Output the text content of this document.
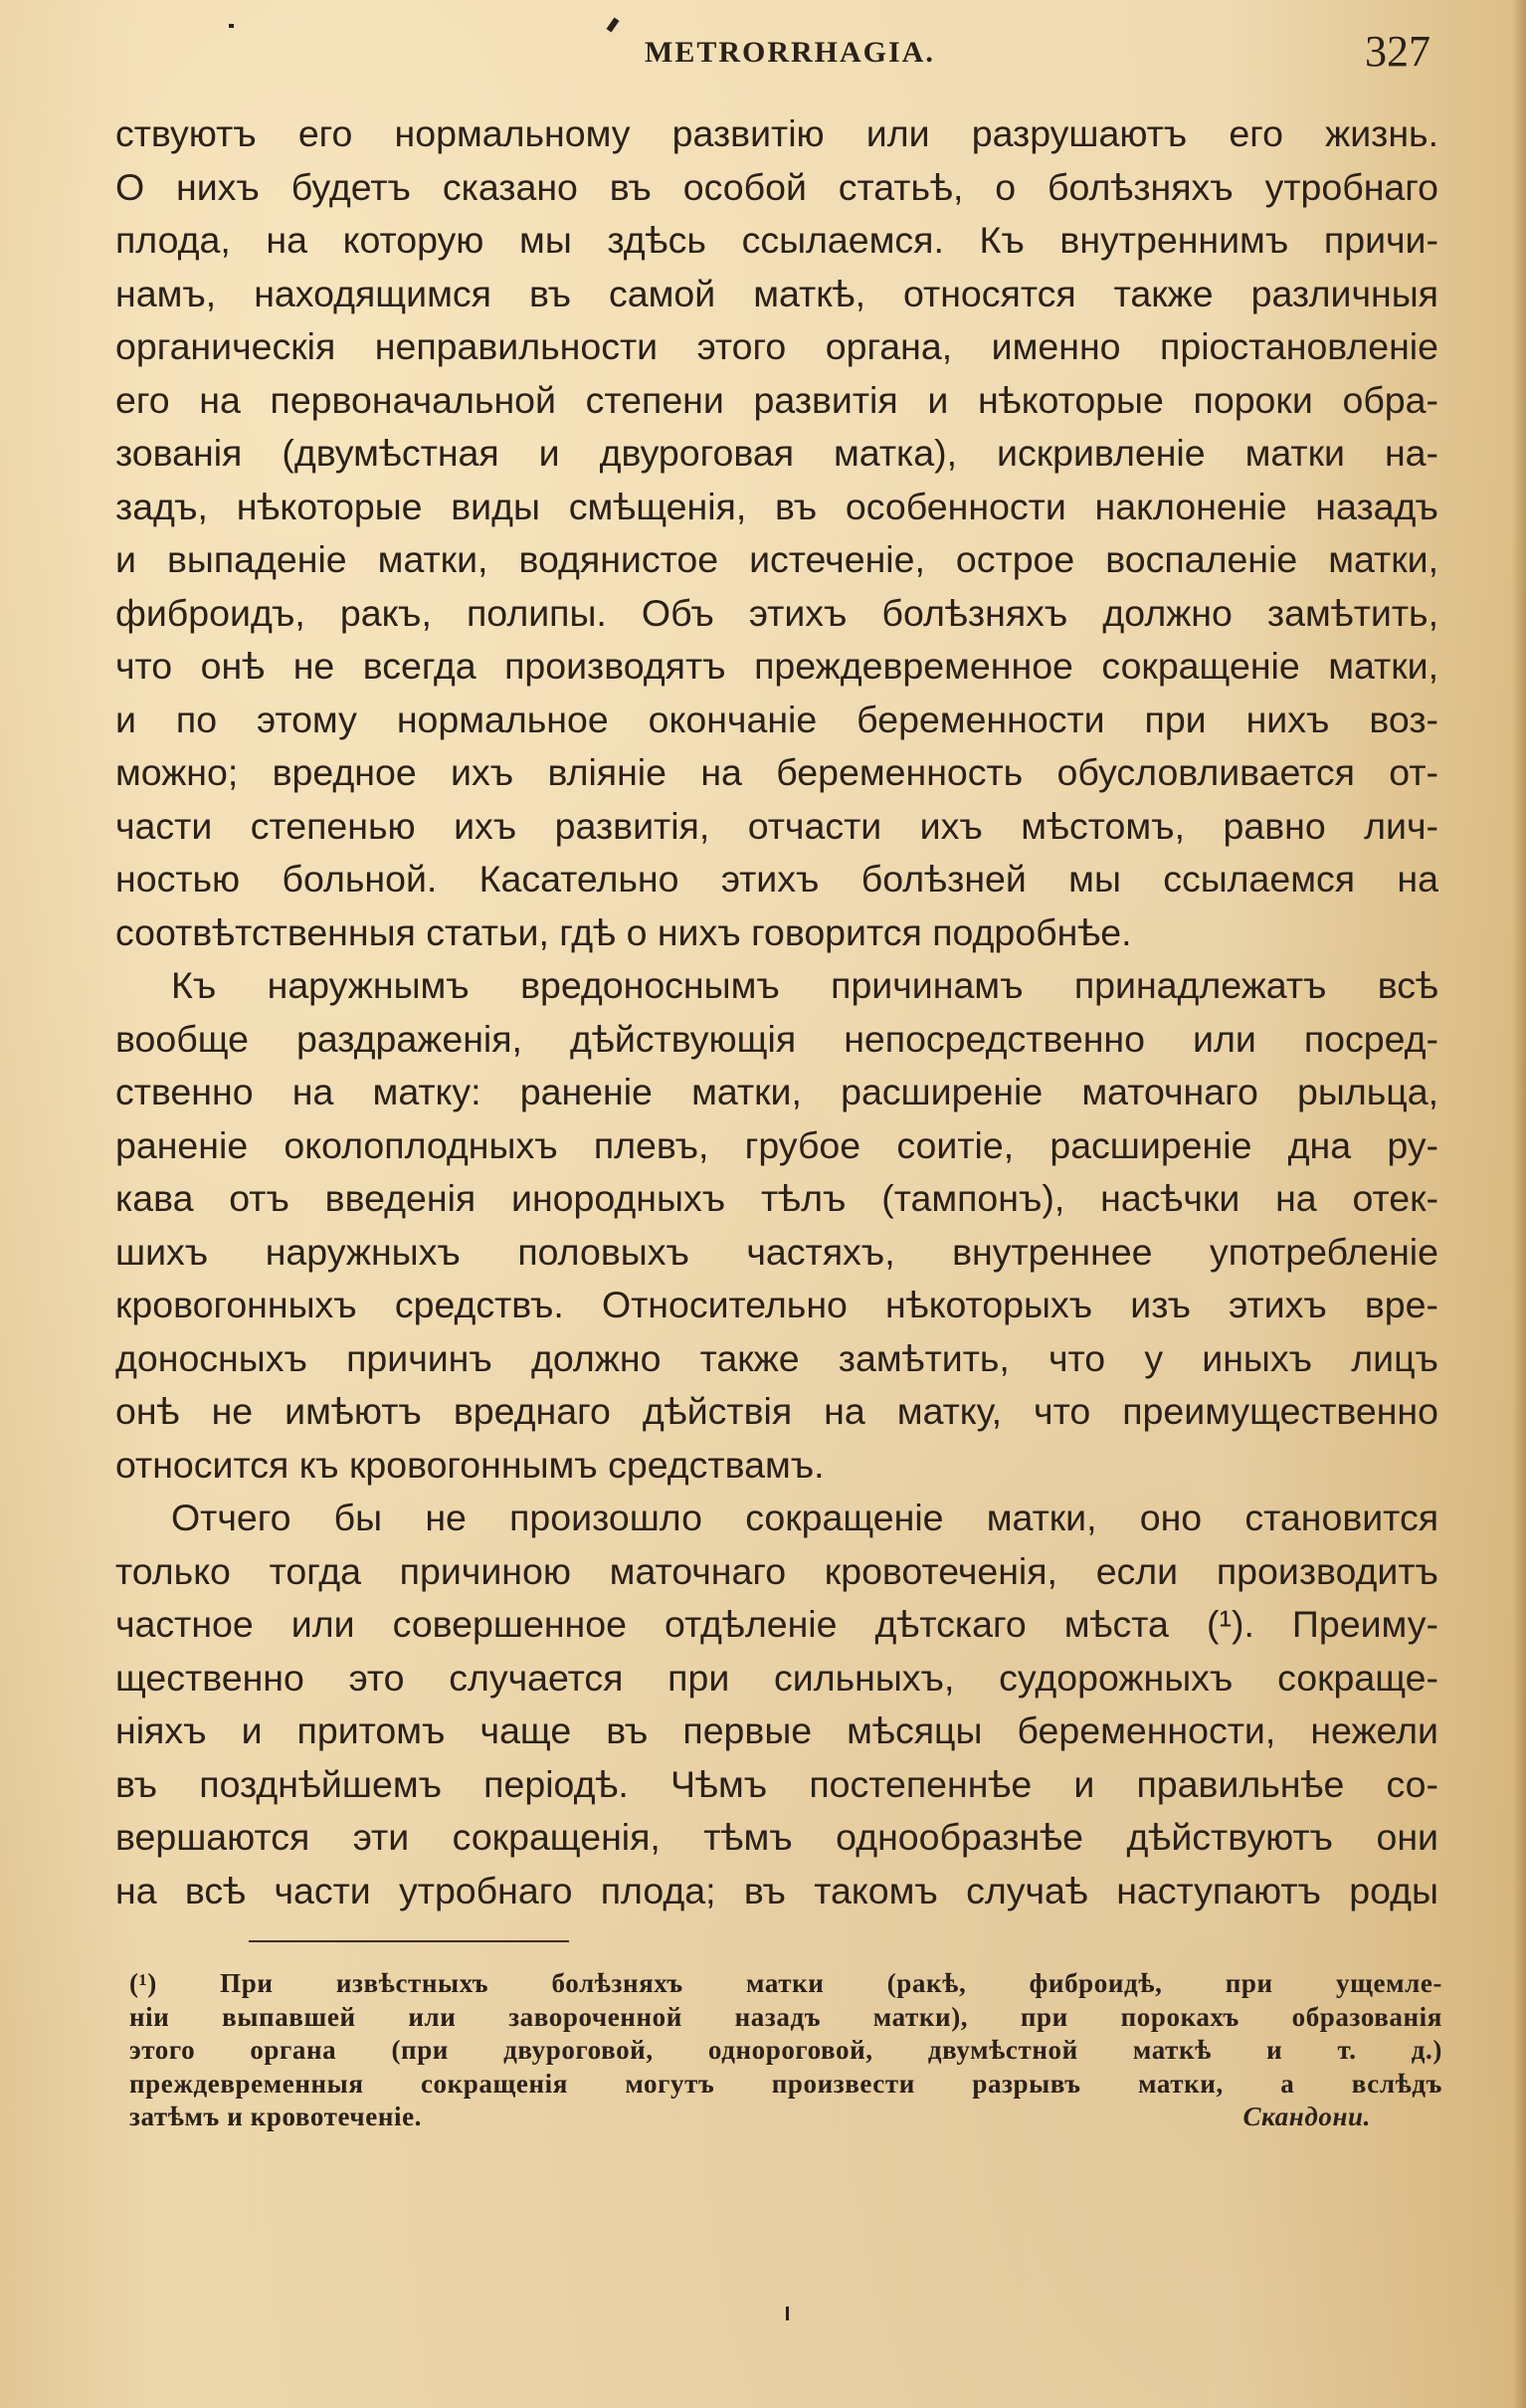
METRORRHAGIA.	327
ствуютъ его нормальному развитію или разрушаютъ его жизнь.
О нихъ будетъ сказано въ особой статьѣ, о болѣзняхъ утробнаго
плода, на которую мы здѣсь ссылаемся. Къ внутреннимъ причи-
намъ, находящимся въ самой маткѣ, относятся также различныя
органическія неправильности этого органа, именно пріостановленіе
его на первоначальной степени развитія и нѣкоторые пороки обра-
зованія (двумѣстная и двуроговая матка), искривленіе матки на-
задъ, нѣкоторые виды смѣщенія, въ особенности наклоненіе назадъ
и выпаденіе матки, водянистое истеченіе, острое воспаленіе матки,
фиброидъ, ракъ, полипы. Объ этихъ болѣзняхъ должно замѣтить,
что онѣ не всегда производятъ преждевременное сокращеніе матки,
и по этому нормальное окончаніе беременности при нихъ воз-
можно; вредное ихъ вліяніе на беременность обусловливается от-
части степенью ихъ развитія, отчасти ихъ мѣстомъ, равно лич-
ностью больной. Касательно этихъ болѣзней мы ссылаемся на
соотвѣтственныя статьи, гдѣ о нихъ говорится подробнѣе.
Къ наружнымъ вредоноснымъ причинамъ принадлежатъ всѣ
вообще раздраженія, дѣйствующія непосредственно или посред-
ственно на матку: раненіе матки, расширеніе маточнаго рыльца,
раненіе околоплодныхъ плевъ, грубое соитіе, расширеніе дна ру-
кава отъ введенія инородныхъ тѣлъ (тампонъ), насѣчки на отек-
шихъ наружныхъ половыхъ частяхъ, внутреннее употребленіе
кровогонныхъ средствъ. Относительно нѣкоторыхъ изъ этихъ вре-
доносныхъ причинъ должно также замѣтить, что у иныхъ лицъ
онѣ не имѣютъ вреднаго дѣйствія на матку, что преимущественно
относится къ кровогоннымъ средствамъ.
Отчего бы не произошло сокращеніе матки, оно становится
только тогда причиною маточнаго кровотеченія, если производитъ
частное или совершенное отдѣленіе дѣтскаго мѣста (¹). Преиму-
щественно это случается при сильныхъ, судорожныхъ сокраще-
ніяхъ и притомъ чаще въ первые мѣсяцы беременности, нежели
въ позднѣйшемъ періодѣ. Чѣмъ постепеннѣе и правильнѣе со-
вершаются эти сокращенія, тѣмъ однообразнѣе дѣйствуютъ они
на всѣ части утробнаго плода; въ такомъ случаѣ наступаютъ роды
(¹) При извѣстныхъ болѣзняхъ матки (ракѣ, фиброидѣ, при ущемле-
ніи выпавшей или завороченной назадъ матки), при порокахъ образованія
этого органа (при двуроговой, однороговой, двумѣстной маткѣ и т. д.)
преждевременныя сокращенія могутъ произвести разрывъ матки, а вслѣдъ
затѣмъ и кровотеченіе.	Скандони.
